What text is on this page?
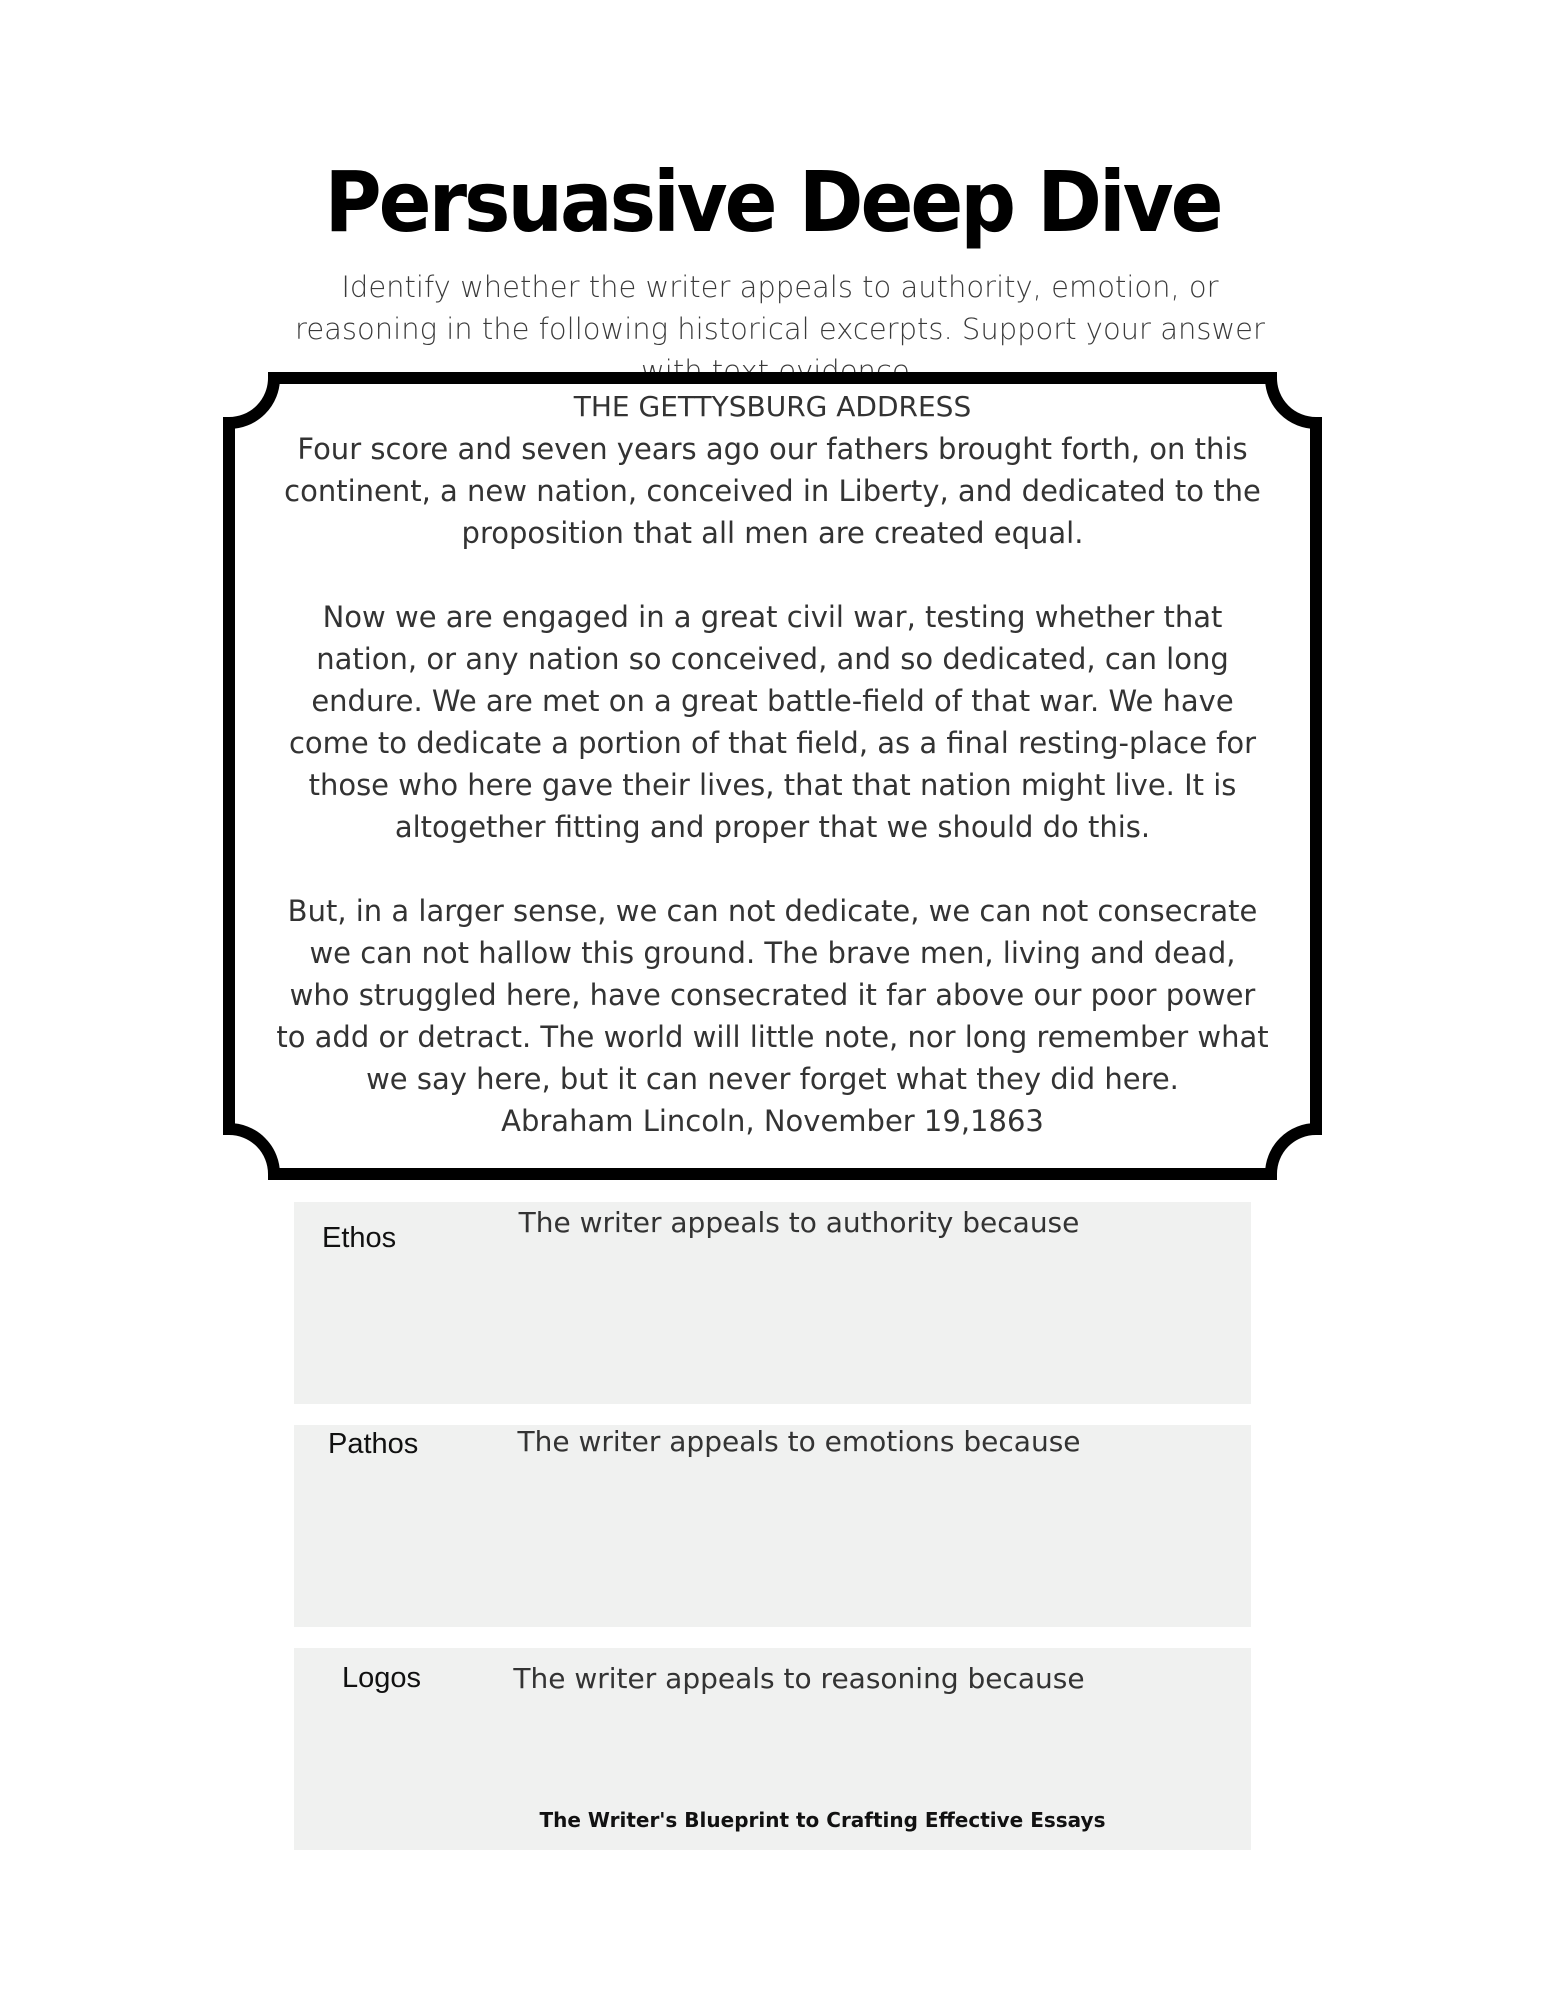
Persuasive Deep Dive

Identify whether the writer appeals to authority, emotion, or reasoning in the following historical excerpts. Support your answer with text evidence.

THE GETTYSBURG ADDRESS

Four score and seven years ago our fathers brought forth, on this continent, a new nation, conceived in Liberty, and dedicated to the proposition that all men are created equal.

Now we are engaged in a great civil war, testing whether that nation, or any nation so conceived, and so dedicated, can long endure. We are met on a great battle-field of that war. We have come to dedicate a portion of that field, as a final resting-place for those who here gave their lives, that that nation might live. It is altogether fitting and proper that we should do this.

But, in a larger sense, we can not dedicate, we can not consecrate we can not hallow this ground. The brave men, living and dead, who struggled here, have consecrated it far above our poor power to add or detract. The world will little note, nor long remember what we say here, but it can never forget what they did here.

Abraham Lincoln, November 19,1863

Ethos	The writer appeals to authority because
Pathos	The writer appeals to emotions because
Logos	The writer appeals to reasoning because
The Writer's Blueprint to Crafting Effective Essays
